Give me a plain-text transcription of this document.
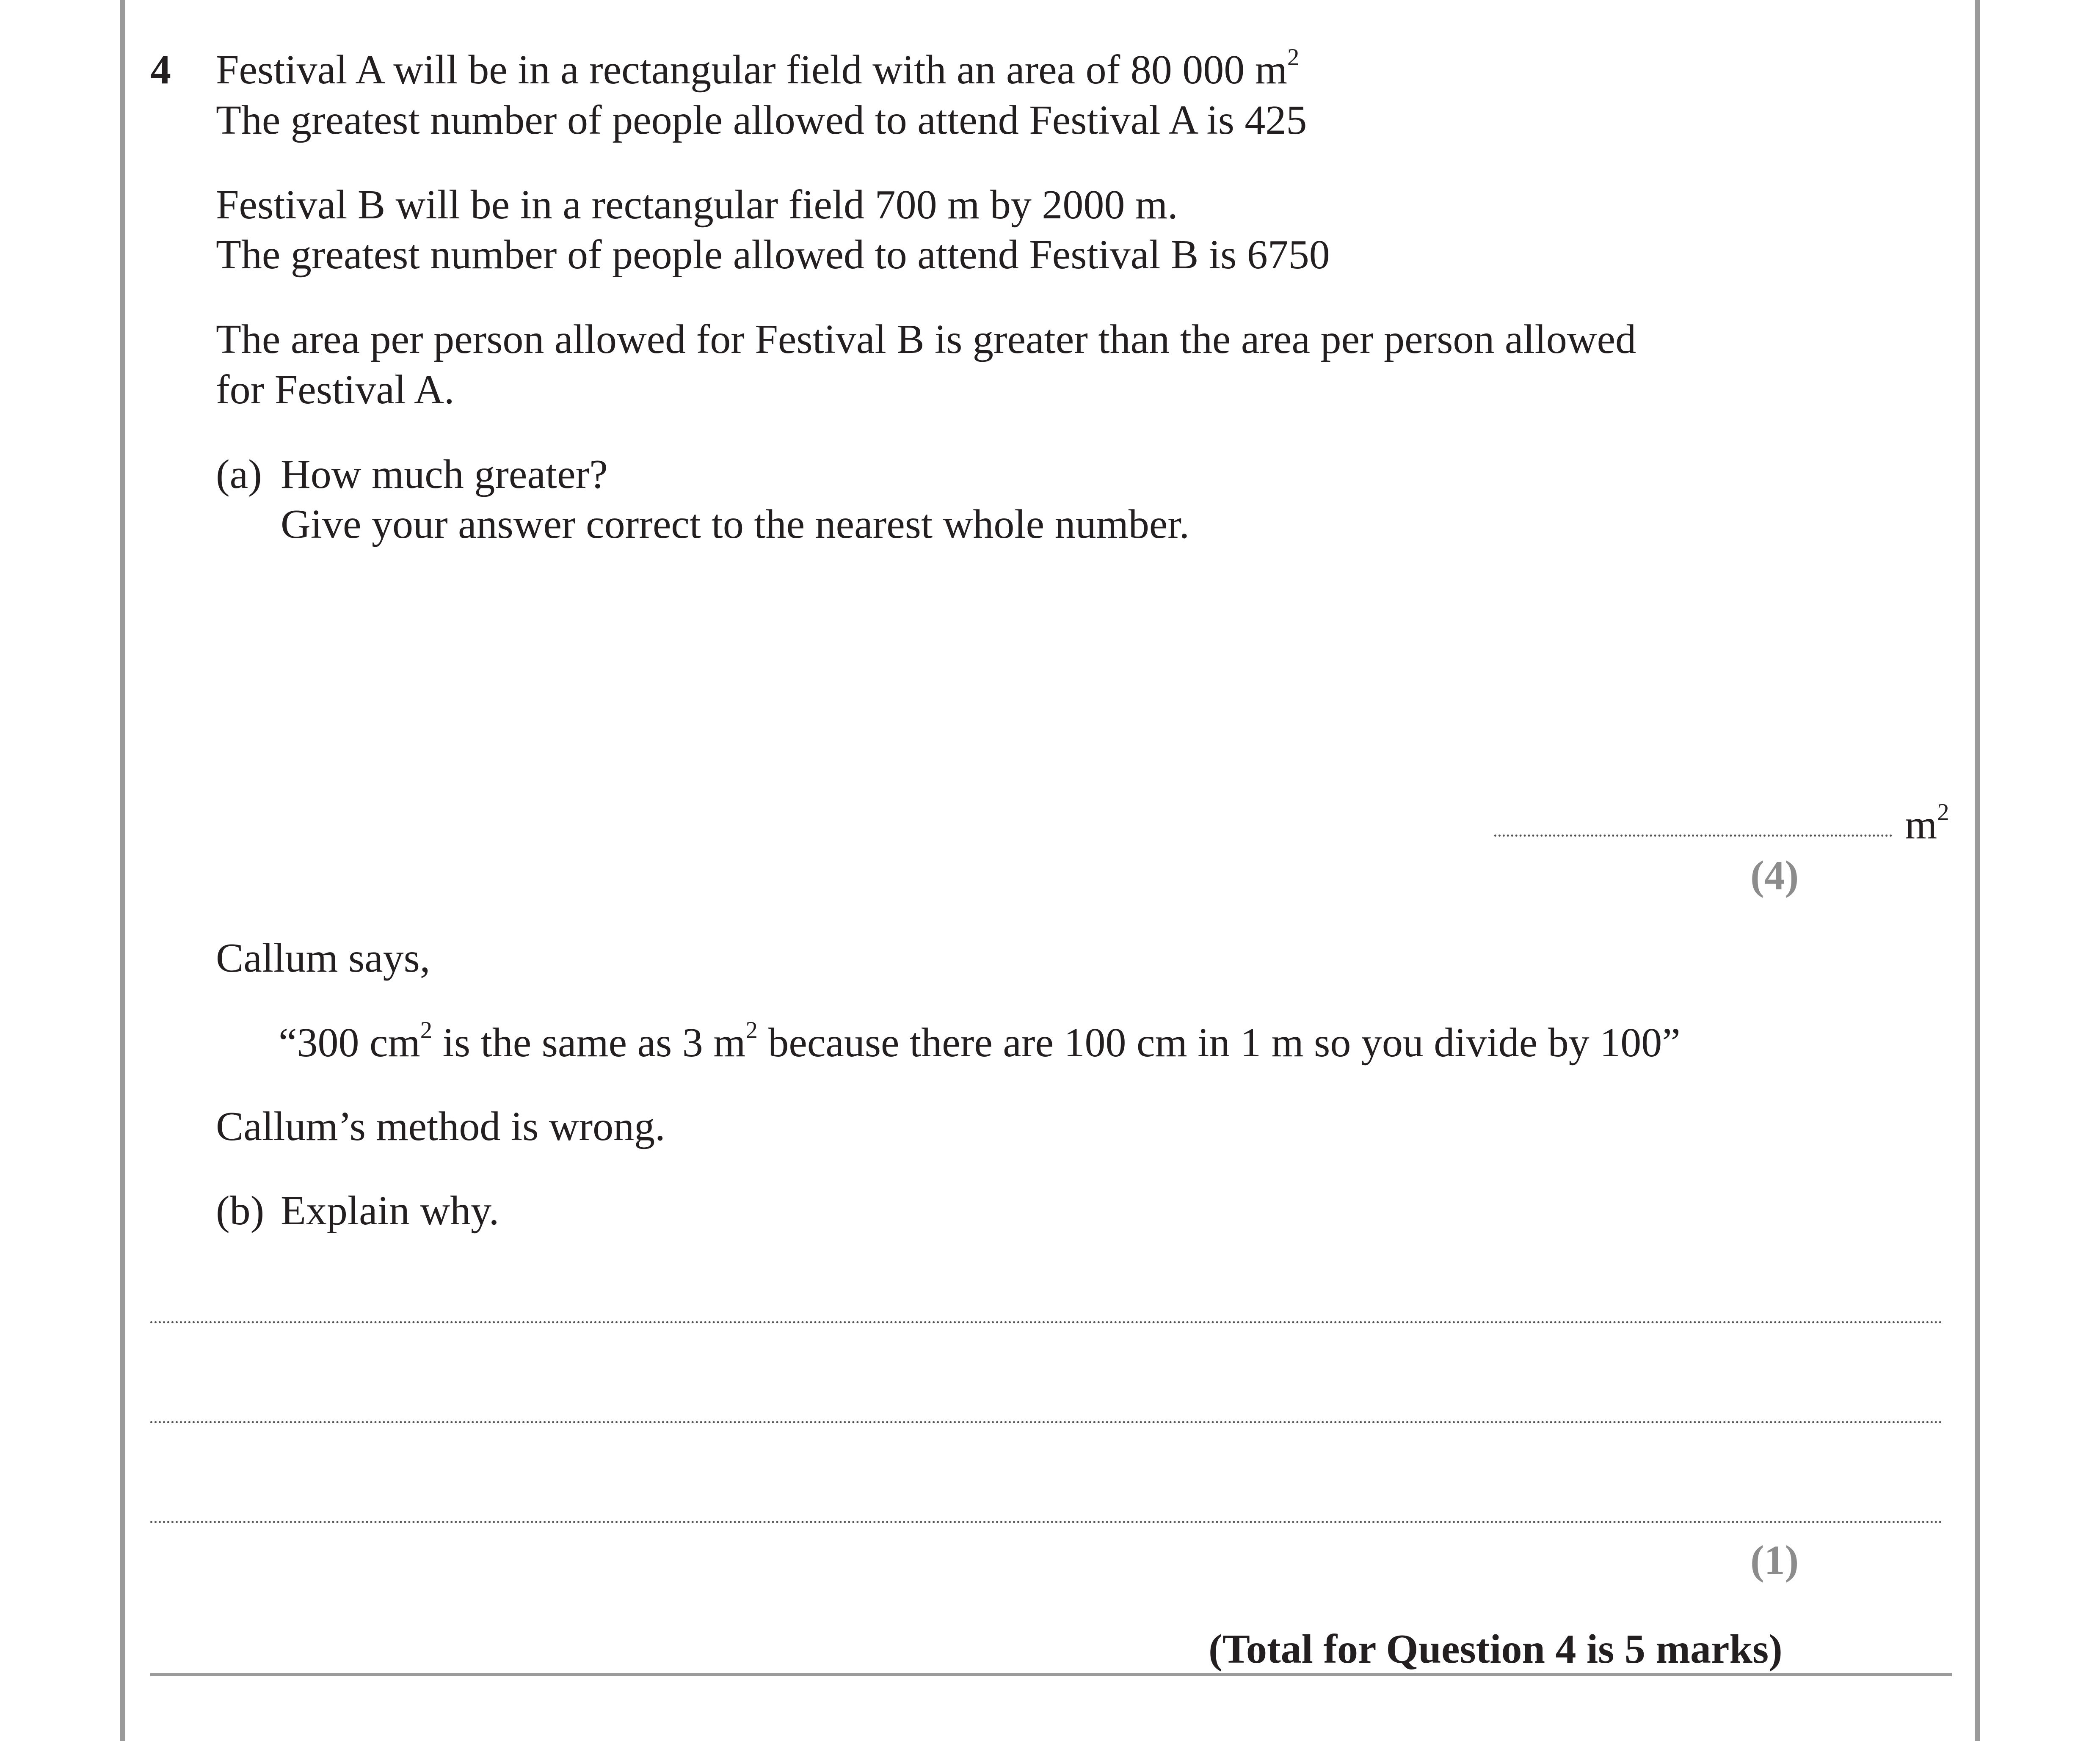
4 Festival A will be in a rectangular field with an area of 80 000 $m^2$
The greatest number of people allowed to attend Festival A is 425
Festival B will be in a rectangular field 700 m by 2000 m.
The greatest number of people allowed to attend Festival B is 6750
The area per person allowed for Festival B is greater than the area per person allowed
for Festival A.
(a) How much greater?
Give your answer correct to the nearest whole number.
$m^2$
(4)
Callum says,
“300 $cm^2$ is the same as 3 $m^2$ because there are 100 cm in 1 m so you divide by 100”
Callum’s method is wrong.
(b) Explain why.
(1)
(Total for Question 4 is 5 marks)
